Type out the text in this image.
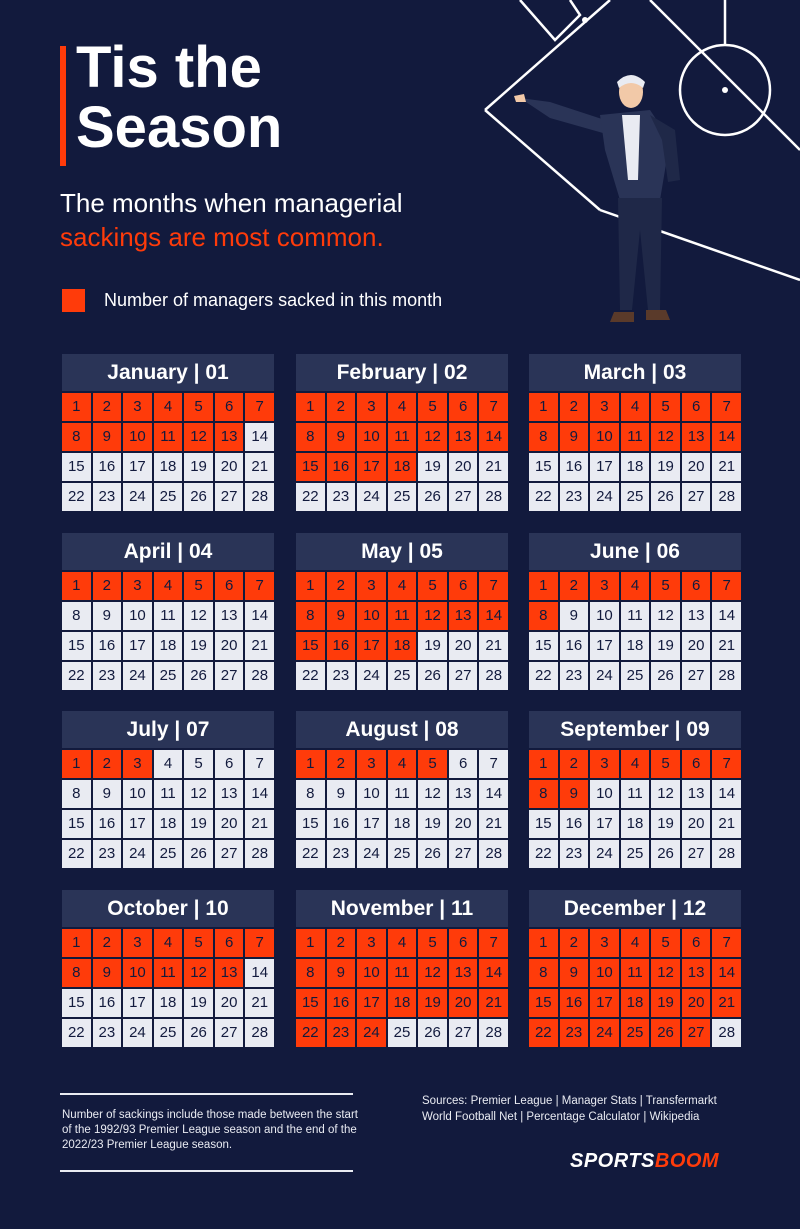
Tis the
Season

The months when managerial
sackings are most common.

Number of managers sacked in this month
January | 01
1	2	3	4	5	6	7
8	9	10 11 12 13 14
15 16 17 18 19 20 21
22 23 24 25 26 27 28
February | 02
1	2	3	4	5	6	7
8	9	10 11 12 13 14
15 16 17 18 19 20 21
22 23 24 25 26 27 28
March | 03
1	2	3	4	5	6	7
8	9	10 11 12 13 14
15 16 17 18 19 20 21
22 23 24 25 26 27 28
April | 04
1	2	3	4	5	6	7
8	9	10 11 12 13 14
15 16 17 18 19 20 21
22 23 24 25 26 27 28
May | 05
1	2	3	4	5	6	7
8	9	10 11 12 13 14
15 16 17 18 19 20 21
22 23 24 25 26 27 28
June | 06
1	2	3	4	5	6	7
8	9	10 11 12 13 14
15 16 17 18 19 20 21
22 23 24 25 26 27 28
July | 07
1	2	3	4	5	6	7
8	9	10 11 12 13 14
15 16 17 18 19 20 21
22 23 24 25 26 27 28
August | 08
1	2	3	4	5	6	7
8	9	10 11 12 13 14
15 16 17 18 19 20 21
22 23 24 25 26 27 28
September | 09
1	2	3	4	5	6	7
8	9	10 11 12 13 14
15 16 17 18 19 20 21
22 23 24 25 26 27 28
October | 10
1	2	3	4	5	6	7
8	9	10 11 12 13 14
15 16 17 18 19 20 21
22 23 24 25 26 27 28
November | 11
1	2	3	4	5	6	7
8	9	10 11 12 13 14
15 16 17 18 19 20 21
22 23 24 25 26 27 28
December | 12
1	2	3	4	5	6	7
8	9	10 11 12 13 14
15 16 17 18 19 20 21
22 23 24 25 26 27 28

Number of sackings include those made between the start of the 1992/93 Premier League season and the end of the 2022/23 Premier League season.

Sources: Premier League | Manager Stats | Transfermarkt
World Football Net | Percentage Calculator | Wikipedia

SPORTSBOOM
